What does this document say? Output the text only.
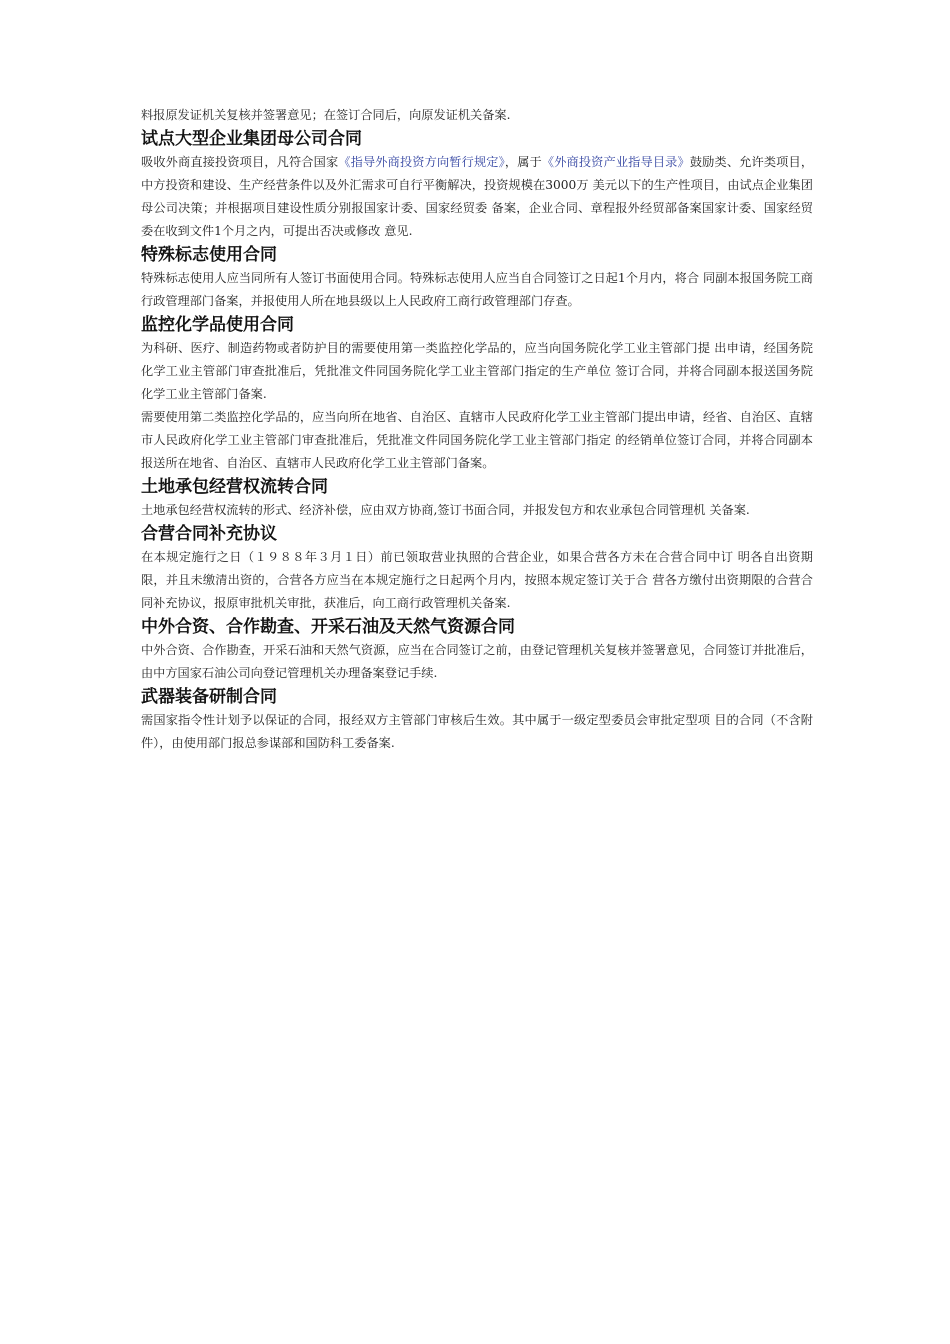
料报原发证机关复核并签署意见；在签订合同后，向原发证机关备案.

试点大型企业集团母公司合同

吸收外商直接投资项目，凡符合国家《指导外商投资方向暂行规定》，属于《外商投资产业指导目录》鼓励类、允许类项目，中方投资和建设、生产经营条件以及外汇需求可自行平衡解决，投资规模在3000万 美元以下的生产性项目，由试点企业集团母公司决策；并根据项目建设性质分别报国家计委、国家经贸委 备案，企业合同、章程报外经贸部备案国家计委、国家经贸委在收到文件1个月之内，可提出否决或修改 意见.

特殊标志使用合同

特殊标志使用人应当同所有人签订书面使用合同。特殊标志使用人应当自合同签订之日起1个月内，将合 同副本报国务院工商行政管理部门备案，并报使用人所在地县级以上人民政府工商行政管理部门存查。

监控化学品使用合同

为科研、医疗、制造药物或者防护目的需要使用第一类监控化学品的，应当向国务院化学工业主管部门提 出申请，经国务院化学工业主管部门审查批准后，凭批准文件同国务院化学工业主管部门指定的生产单位 签订合同，并将合同副本报送国务院化学工业主管部门备案.

需要使用第二类监控化学品的，应当向所在地省、自治区、直辖市人民政府化学工业主管部门提出申请，经省、自治区、直辖市人民政府化学工业主管部门审查批准后，凭批准文件同国务院化学工业主管部门指定 的经销单位签订合同，并将合同副本报送所在地省、自治区、直辖市人民政府化学工业主管部门备案。

土地承包经营权流转合同

土地承包经营权流转的形式、经济补偿，应由双方协商,签订书面合同，并报发包方和农业承包合同管理机 关备案.

合营合同补充协议

在本规定施行之日（１９８８年３月１日）前已领取营业执照的合营企业，如果合营各方未在合营合同中订 明各自出资期限，并且未缴清出资的，合营各方应当在本规定施行之日起两个月内，按照本规定签订关于合 营各方缴付出资期限的合营合同补充协议，报原审批机关审批，获准后，向工商行政管理机关备案.

中外合资、合作勘查、开采石油及天然气资源合同

中外合资、合作勘查，开采石油和天然气资源，应当在合同签订之前，由登记管理机关复核并签署意见，合同签订并批准后，由中方国家石油公司向登记管理机关办理备案登记手续.

武器装备研制合同

需国家指令性计划予以保证的合同，报经双方主管部门审核后生效。其中属于一级定型委员会审批定型项 目的合同（不含附件），由使用部门报总参谋部和国防科工委备案.
